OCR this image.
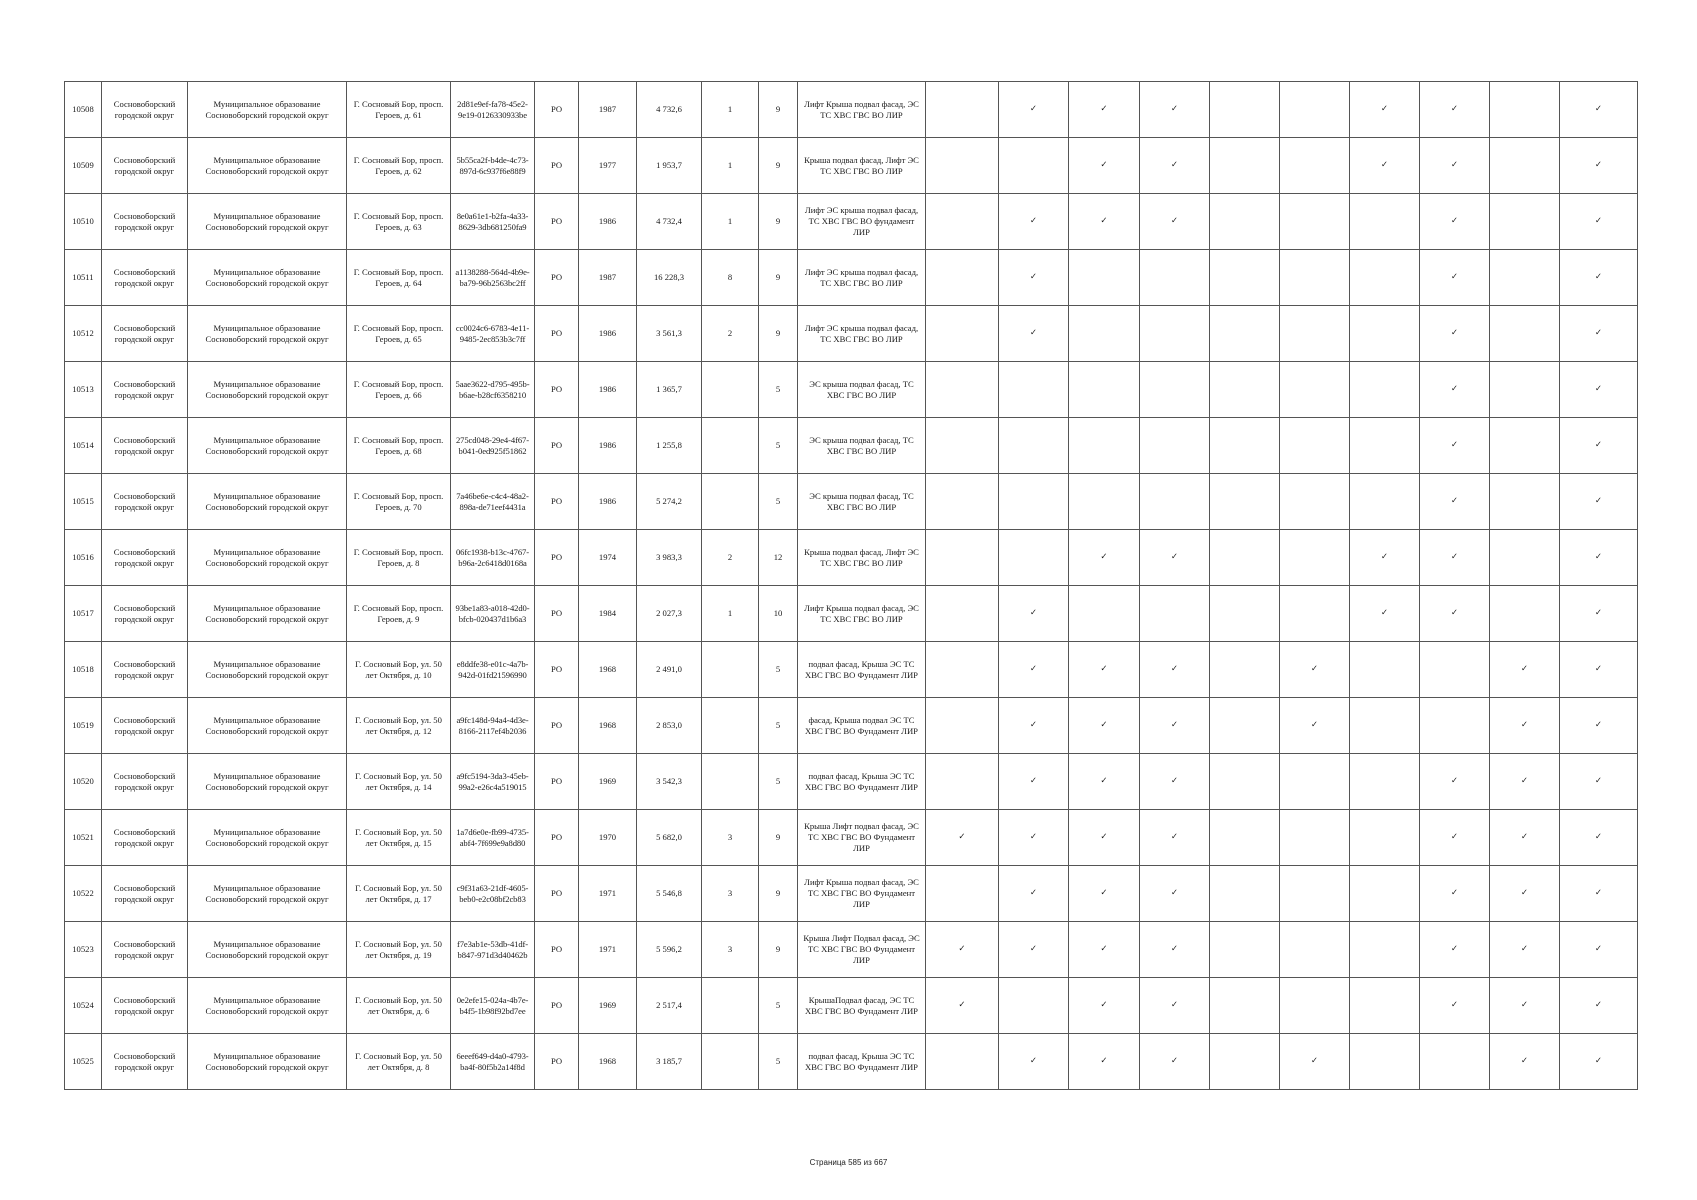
10508	Сосновоборский городской округ	Муниципальное образование Сосновоборский городской округ	Г. Сосновый Бор, просп. Героев, д. 61	2d81e9ef-fa78-45e2-9e19-0126330933be	РО	1987	4 732,6	1	9	Лифт Крыша подвал фасад, ЭС ТС ХВС ГВС ВО ЛИР		✓	✓	✓			✓	✓		✓
10509	Сосновоборский городской округ	Муниципальное образование Сосновоборский городской округ	Г. Сосновый Бор, просп. Героев, д. 62	5b55ca2f-b4de-4c73-897d-6c937f6e88f9	РО	1977	1 953,7	1	9	Крыша подвал фасад, Лифт ЭС ТС ХВС ГВС ВО ЛИР			✓	✓			✓	✓		✓
10510	Сосновоборский городской округ	Муниципальное образование Сосновоборский городской округ	Г. Сосновый Бор, просп. Героев, д. 63	8e0a61e1-b2fa-4a33-8629-3db681250fa9	РО	1986	4 732,4	1	9	Лифт ЭС крыша подвал фасад, ТС ХВС ГВС ВО фундамент ЛИР		✓	✓	✓				✓		✓
10511	Сосновоборский городской округ	Муниципальное образование Сосновоборский городской округ	Г. Сосновый Бор, просп. Героев, д. 64	a1138288-564d-4b9e-ba79-96b2563bc2ff	РО	1987	16 228,3	8	9	Лифт ЭС крыша подвал фасад, ТС ХВС ГВС ВО ЛИР		✓						✓		✓
10512	Сосновоборский городской округ	Муниципальное образование Сосновоборский городской округ	Г. Сосновый Бор, просп. Героев, д. 65	cc0024c6-6783-4e11-9485-2ec853b3c7ff	РО	1986	3 561,3	2	9	Лифт ЭС крыша подвал фасад, ТС ХВС ГВС ВО ЛИР		✓						✓		✓
10513	Сосновоборский городской округ	Муниципальное образование Сосновоборский городской округ	Г. Сосновый Бор, просп. Героев, д. 66	5aae3622-d795-495b-b6ae-b28cf6358210	РО	1986	1 365,7		5	ЭС крыша подвал фасад, ТС ХВС ГВС ВО ЛИР								✓		✓
10514	Сосновоборский городской округ	Муниципальное образование Сосновоборский городской округ	Г. Сосновый Бор, просп. Героев, д. 68	275cd048-29e4-4f67-b041-0ed925f51862	РО	1986	1 255,8		5	ЭС крыша подвал фасад, ТС ХВС ГВС ВО ЛИР								✓		✓
10515	Сосновоборский городской округ	Муниципальное образование Сосновоборский городской округ	Г. Сосновый Бор, просп. Героев, д. 70	7a46be6e-c4c4-48a2-898a-de71eef4431a	РО	1986	5 274,2		5	ЭС крыша подвал фасад, ТС ХВС ГВС ВО ЛИР								✓		✓
10516	Сосновоборский городской округ	Муниципальное образование Сосновоборский городской округ	Г. Сосновый Бор, просп. Героев, д. 8	06fc1938-b13c-4767-b96a-2c6418d0168a	РО	1974	3 983,3	2	12	Крыша подвал фасад, Лифт ЭС ТС ХВС ГВС ВО ЛИР			✓	✓			✓	✓		✓
10517	Сосновоборский городской округ	Муниципальное образование Сосновоборский городской округ	Г. Сосновый Бор, просп. Героев, д. 9	93be1a83-a018-42d0-bfcb-020437d1b6a3	РО	1984	2 027,3	1	10	Лифт Крыша подвал фасад, ЭС ТС ХВС ГВС ВО ЛИР		✓					✓	✓		✓
10518	Сосновоборский городской округ	Муниципальное образование Сосновоборский городской округ	Г. Сосновый Бор, ул. 50 лет Октября, д. 10	e8ddfe38-e01c-4a7b-942d-01fd21596990	РО	1968	2 491,0		5	подвал фасад, Крыша ЭС ТС ХВС ГВС ВО Фундамент ЛИР		✓	✓	✓		✓			✓	✓
10519	Сосновоборский городской округ	Муниципальное образование Сосновоборский городской округ	Г. Сосновый Бор, ул. 50 лет Октября, д. 12	a9fc148d-94a4-4d3e-8166-2117ef4b2036	РО	1968	2 853,0		5	фасад, Крыша подвал ЭС ТС ХВС ГВС ВО Фундамент ЛИР		✓	✓	✓		✓			✓	✓
10520	Сосновоборский городской округ	Муниципальное образование Сосновоборский городской округ	Г. Сосновый Бор, ул. 50 лет Октября, д. 14	a9fc5194-3da3-45eb-99a2-e26c4a519015	РО	1969	3 542,3		5	подвал фасад, Крыша ЭС ТС ХВС ГВС ВО Фундамент ЛИР		✓	✓	✓				✓	✓	✓
10521	Сосновоборский городской округ	Муниципальное образование Сосновоборский городской округ	Г. Сосновый Бор, ул. 50 лет Октября, д. 15	1a7d6e0e-fb99-4735-abf4-7f699e9a8d80	РО	1970	5 682,0	3	9	Крыша Лифт подвал фасад, ЭС ТС ХВС ГВС ВО Фундамент ЛИР	✓	✓	✓	✓				✓	✓	✓
10522	Сосновоборский городской округ	Муниципальное образование Сосновоборский городской округ	Г. Сосновый Бор, ул. 50 лет Октября, д. 17	c9f31a63-21df-4605-beb0-e2c08bf2cb83	РО	1971	5 546,8	3	9	Лифт Крыша подвал фасад, ЭС ТС ХВС ГВС ВО Фундамент ЛИР		✓	✓	✓				✓	✓	✓
10523	Сосновоборский городской округ	Муниципальное образование Сосновоборский городской округ	Г. Сосновый Бор, ул. 50 лет Октября, д. 19	f7e3ab1e-53db-41df-b847-971d3d40462b	РО	1971	5 596,2	3	9	Крыша Лифт Подвал фасад, ЭС ТС ХВС ГВС ВО Фундамент ЛИР	✓	✓	✓	✓				✓	✓	✓
10524	Сосновоборский городской округ	Муниципальное образование Сосновоборский городской округ	Г. Сосновый Бор, ул. 50 лет Октября, д. 6	0e2efe15-024a-4b7e-b4f5-1b98f92bd7ee	РО	1969	2 517,4		5	КрышаПодвал фасад, ЭС ТС ХВС ГВС ВО Фундамент ЛИР	✓		✓	✓				✓	✓	✓
10525	Сосновоборский городской округ	Муниципальное образование Сосновоборский городской округ	Г. Сосновый Бор, ул. 50 лет Октября, д. 8	6eeef649-d4a0-4793-ba4f-80f5b2a14f8d	РО	1968	3 185,7		5	подвал фасад, Крыша ЭС ТС ХВС ГВС ВО Фундамент ЛИР		✓	✓	✓		✓			✓	✓
Страница 585 из 667
